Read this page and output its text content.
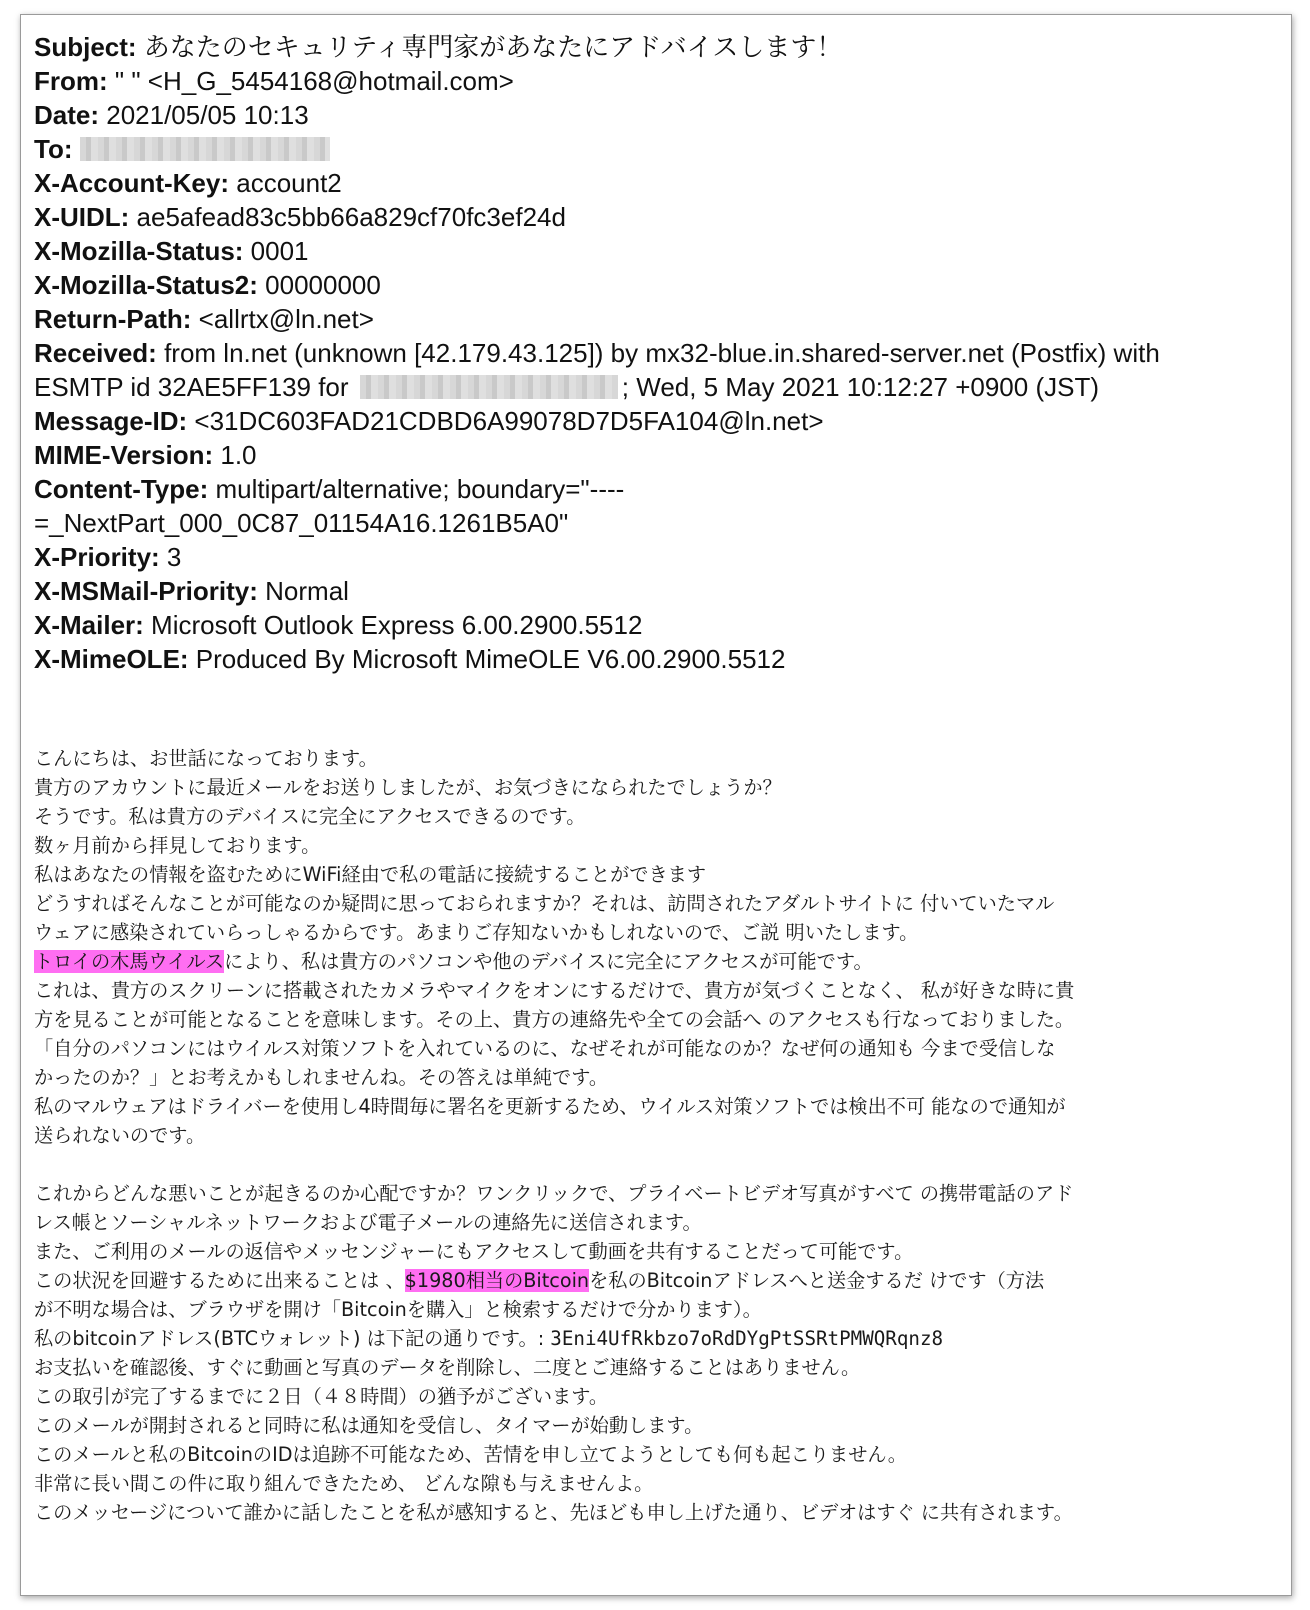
Subject: あなたのセキュリティ専門家があなたにアドバイスします！
From: " " <H_G_5454168@hotmail.com>
Date: 2021/05/05 10:13
To:
X-Account-Key: account2
X-UIDL: ae5afead83c5bb66a829cf70fc3ef24d
X-Mozilla-Status: 0001
X-Mozilla-Status2: 00000000
Return-Path: <allrtx@ln.net>
Received: from ln.net (unknown [42.179.43.125]) by mx32-blue.in.shared-server.net (Postfix) with ESMTP id 32AE5FF139 for	; Wed, 5 May 2021 10:12:27 +0900 (JST)
Message-ID: <31DC603FAD21CDBD6A99078D7D5FA104@ln.net>
MIME-Version: 1.0
Content-Type: multipart/alternative; boundary="----=_NextPart_000_0C87_01154A16.1261B5A0"
X-Priority: 3
X-MSMail-Priority: Normal
X-Mailer: Microsoft Outlook Express 6.00.2900.5512
X-MimeOLE: Produced By Microsoft MimeOLE V6.00.2900.5512
こんにちは、お世話になっております。
貴方のアカウントに最近メールをお送りしましたが、お気づきになられたでしょうか？
そうです。私は貴方のデバイスに完全にアクセスできるのです。
数ヶ月前から拝見しております。
私はあなたの情報を盗むためにWiFi経由で私の電話に接続することができます
どうすればそんなことが可能なのか疑問に思っておられますか？それは、訪問されたアダルトサイトに 付いていたマル
ウェアに感染されていらっしゃるからです。あまりご存知ないかもしれないので、ご説 明いたします。
トロイの木馬ウイルスにより、私は貴方のパソコンや他のデバイスに完全にアクセスが可能です。
これは、貴方のスクリーンに搭載されたカメラやマイクをオンにするだけで、貴方が気づくことなく、 私が好きな時に貴
方を見ることが可能となることを意味します。その上、貴方の連絡先や全ての会話へ のアクセスも行なっておりました。
「自分のパソコンにはウイルス対策ソフトを入れているのに、なぜそれが可能なのか？なぜ何の通知も 今まで受信しな
かったのか？」とお考えかもしれませんね。その答えは単純です。
私のマルウェアはドライバーを使用し4時間毎に署名を更新するため、ウイルス対策ソフトでは検出不可 能なので通知が
送られないのです。
これからどんな悪いことが起きるのか心配ですか？ワンクリックで、プライベートビデオ写真がすべて の携帯電話のアド
レス帳とソーシャルネットワークおよび電子メールの連絡先に送信されます。
また、ご利用のメールの返信やメッセンジャーにもアクセスして動画を共有することだって可能です。
この状況を回避するために出来ることは 、$1980相当のBitcoinを私のBitcoinアドレスへと送金するだ けです（方法
が不明な場合は、ブラウザを開け「Bitcoinを購入」と検索するだけで分かります）。
私のbitcoinアドレス(BTCウォレット) は下記の通りです。: 3Eni4UfRkbzo7oRdDYgPtSSRtPMWQRqnz8
お支払いを確認後、すぐに動画と写真のデータを削除し、二度とご連絡することはありません。
この取引が完了するまでに２日（４８時間）の猶予がございます。
このメールが開封されると同時に私は通知を受信し、タイマーが始動します。
このメールと私のBitcoinのIDは追跡不可能なため、苦情を申し立てようとしても何も起こりません。
非常に長い間この件に取り組んできたため、 どんな隙も与えませんよ。
このメッセージについて誰かに話したことを私が感知すると、先ほども申し上げた通り、ビデオはすぐ に共有されます。
